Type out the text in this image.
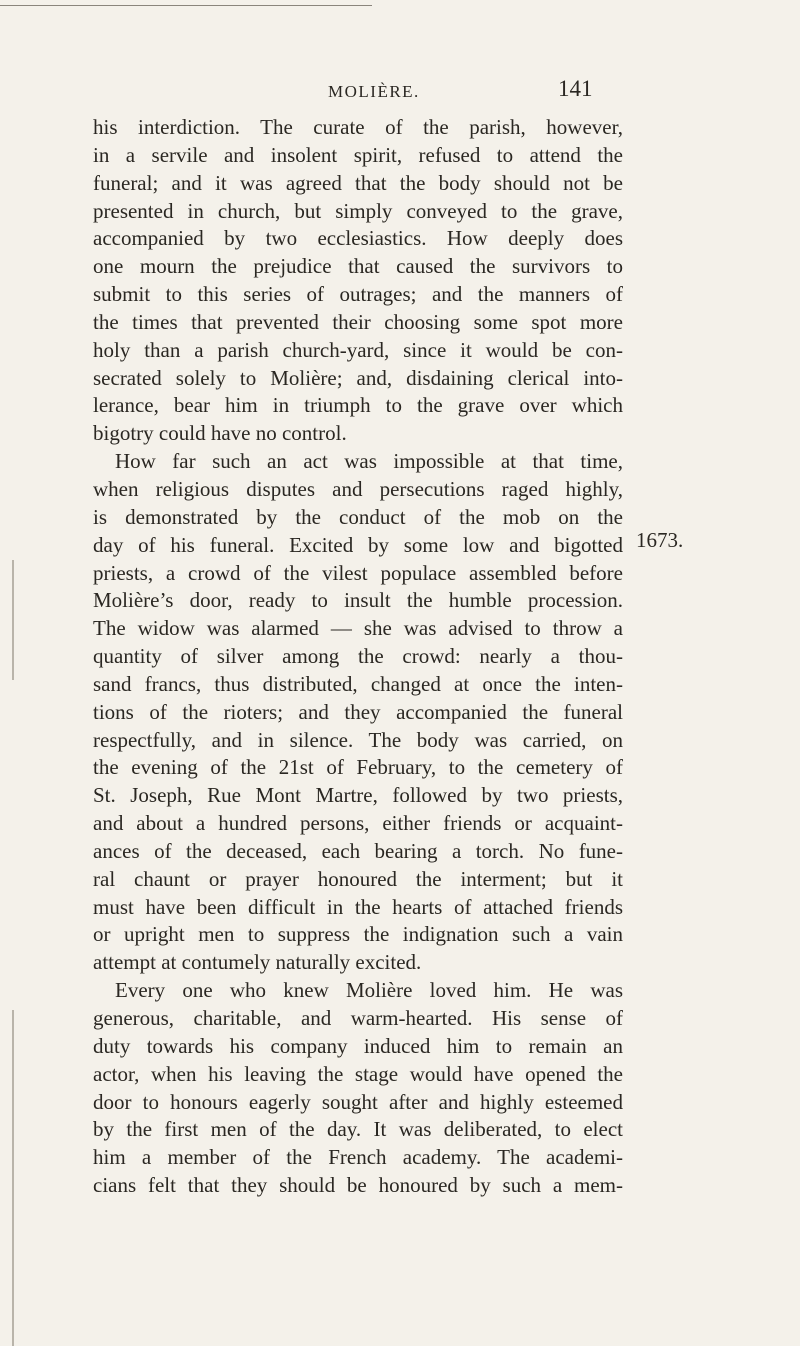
MOLIÈRE.	141
his interdiction. The curate of the parish, however,
in a servile and insolent spirit, refused to attend the
funeral; and it was agreed that the body should not be
presented in church, but simply conveyed to the grave,
accompanied by two ecclesiastics. How deeply does
one mourn the prejudice that caused the survivors to
submit to this series of outrages; and the manners of
the times that prevented their choosing some spot more
holy than a parish church-yard, since it would be con-
secrated solely to Molière; and, disdaining clerical into-
lerance, bear him in triumph to the grave over which
bigotry could have no control.
How far such an act was impossible at that time,
when religious disputes and persecutions raged highly,
is demonstrated by the conduct of the mob on the
day of his funeral. Excited by some low and bigotted
priests, a crowd of the vilest populace assembled before
Molière’s door, ready to insult the humble procession.
The widow was alarmed — she was advised to throw a
quantity of silver among the crowd: nearly a thou-
sand francs, thus distributed, changed at once the inten-
tions of the rioters; and they accompanied the funeral
respectfully, and in silence. The body was carried, on
the evening of the 21st of February, to the cemetery of
St. Joseph, Rue Mont Martre, followed by two priests,
and about a hundred persons, either friends or acquaint-
ances of the deceased, each bearing a torch. No fune-
ral chaunt or prayer honoured the interment; but it
must have been difficult in the hearts of attached friends
or upright men to suppress the indignation such a vain
attempt at contumely naturally excited.
Every one who knew Molière loved him. He was
generous, charitable, and warm-hearted. His sense of
duty towards his company induced him to remain an
actor, when his leaving the stage would have opened the
door to honours eagerly sought after and highly esteemed
by the first men of the day. It was deliberated, to elect
him a member of the French academy. The academi-
cians felt that they should be honoured by such a mem-
1673.
